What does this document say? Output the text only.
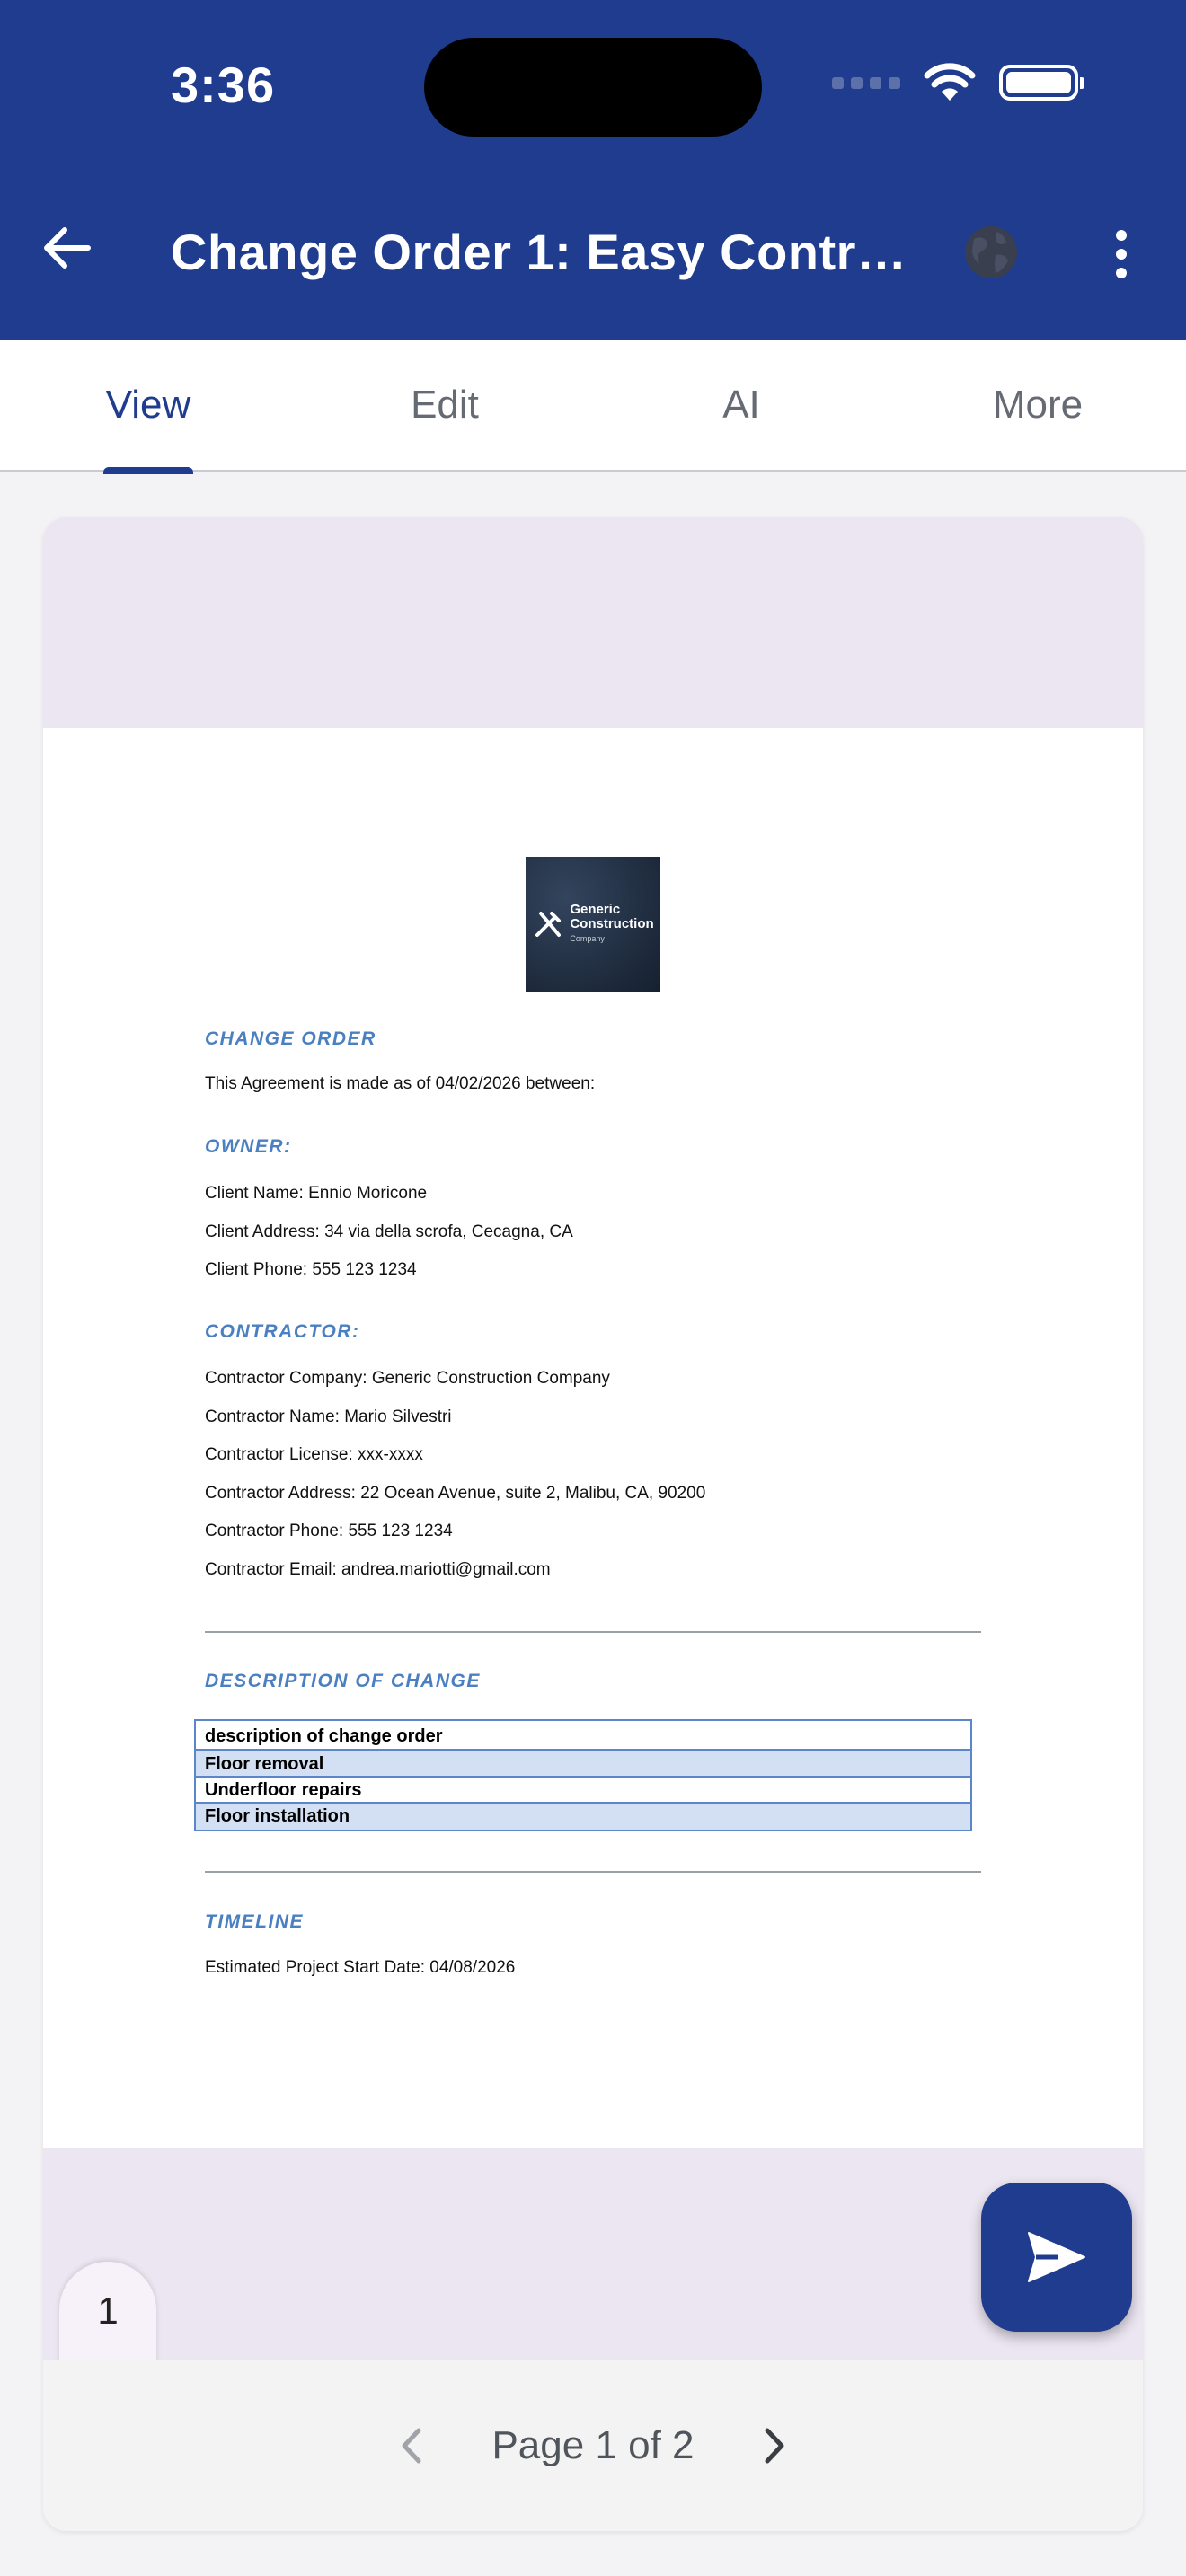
3:36
Change Order 1: Easy Contr…
View	Edit	AI	More
Generic
Construction
Company
CHANGE ORDER
This Agreement is made as of 04/02/2026 between:
OWNER:
Client Name: Ennio Moricone
Client Address: 34 via della scrofa, Cecagna, CA
Client Phone: 555 123 1234
CONTRACTOR:
Contractor Company: Generic Construction Company
Contractor Name: Mario Silvestri
Contractor License: xxx-xxxx
Contractor Address: 22 Ocean Avenue, suite 2, Malibu, CA, 90200
Contractor Phone: 555 123 1234
Contractor Email: andrea.mariotti@gmail.com
DESCRIPTION OF CHANGE
description of change order
Floor removal
Underfloor repairs
Floor installation
TIMELINE
Estimated Project Start Date: 04/08/2026
1
Page 1 of 2
